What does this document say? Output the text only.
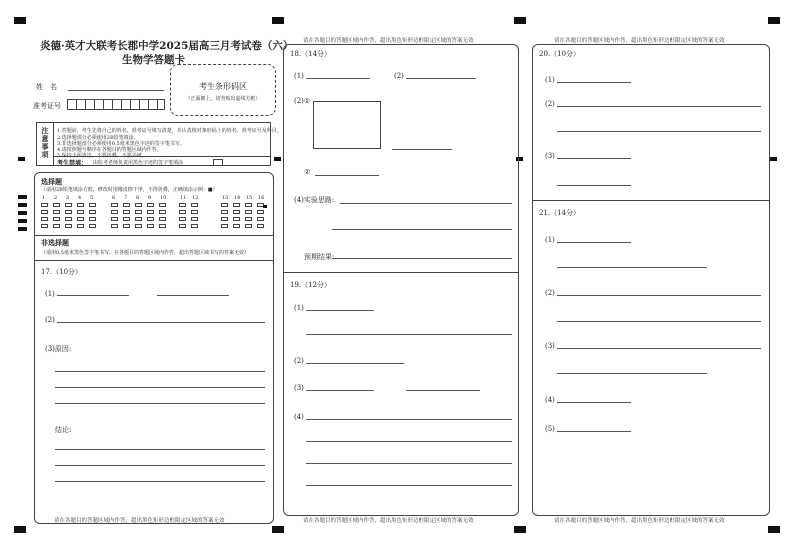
炎德·英才大联考长郡中学2025届高三月考试卷（六）
生物学答题卡
姓　名
准考证号
考生条形码区
（正面朝上，切勿贴出虚线方框）
注意事项
1.答题前，考生先将自己的姓名、准考证号填写清楚，并认真核对条形码上的姓名、准考证号及科目。
2.选择题部分必须使用2B铅笔填涂。
3.非选择题部分必须使用0.5毫米黑色字迹的签字笔书写。
4.请按照题号顺序在各题目的答题区域内作答。
5.保持卡面清洁，不要折叠、不要弄破。
考生禁填： 由监考老师负责用黑色字迹的签字笔填涂
选择题
（请用2B铅笔填涂方框，修改时用橡皮擦干净，不得折叠，正确填涂示例：■）
1 2 3 4 5	6 7 8 9 10	11 12	13 14 15 16
非选择题
（请用0.5毫米黑色签字笔书写，在各题目的答题区域内作答，超出答题区域书写的答案无效）
17.（10分）
(1)
(2)
(3)原因:
结论:
请在各题目的答题区域内作答，超出黑色矩形边框限定区域的答案无效
请在各题目的答题区域内作答，超出黑色矩形边框限定区域的答案无效
18.（14分）
(1)	(2)
(2)①
②
(4)实验思路:
预期结果:
19.（12分）
(1)
(2)
(3)
(4)
请在各题目的答题区域内作答，超出黑色矩形边框限定区域的答案无效
请在各题目的答题区域内作答，超出黑色矩形边框限定区域的答案无效
20.（10分）
(1)
(2)
(3)
21.（14分）
(1)
(2)
(3)
(4)
(5)
请在各题目的答题区域内作答，超出黑色矩形边框限定区域的答案无效
